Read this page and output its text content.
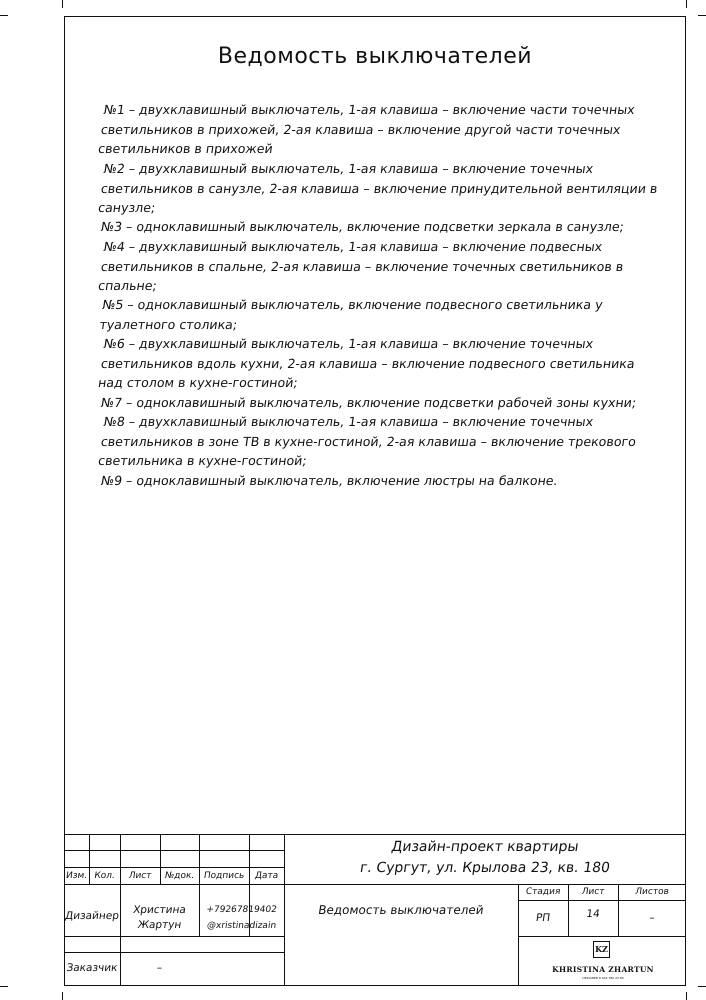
Ведомость выключателей

№1 – двухклавишный выключатель, 1-ая клавиша – включение части точечных светильников в прихожей, 2-ая клавиша – включение другой части точечных светильников в прихожей

№2 – двухклавишный выключатель, 1-ая клавиша – включение точечных светильников в санузле, 2-ая клавиша – включение принудительной вентиляции в санузле;

№3 – одноклавишный выключатель, включение подсветки зеркала в санузле;

№4 – двухклавишный выключатель, 1-ая клавиша – включение подвесных светильников в спальне, 2-ая клавиша – включение точечных светильников в спальне;

№5 – одноклавишный выключатель, включение подвесного светильника у туалетного столика;

№6 – двухклавишный выключатель, 1-ая клавиша – включение точечных светильников вдоль кухни, 2-ая клавиша – включение подвесного светильника над столом в кухне-гостиной;

№7 – одноклавишный выключатель, включение подсветки рабочей зоны кухни;

№8 – двухклавишный выключатель, 1-ая клавиша – включение точечных светильников в зоне ТВ в кухне-гостиной, 2-ая клавиша – включение трекового светильника в кухне-гостиной;

№9 – одноклавишный выключатель, включение люстры на балконе.

Изм. Кол.	Лист	№док. Подпись	Дата
Дизайн-проект квартиры
г. Сургут, ул. Крылова 23, кв. 180
Дизайнер	Христина
Жартун
+79267819402
@xristinadizain
Заказчик	–
Ведомость выключателей
Стадия	Лист	Листов
РП	14	–
KZ
KHRISTINA ZHARTUN
DESIGNER 8 916 780 23 80
